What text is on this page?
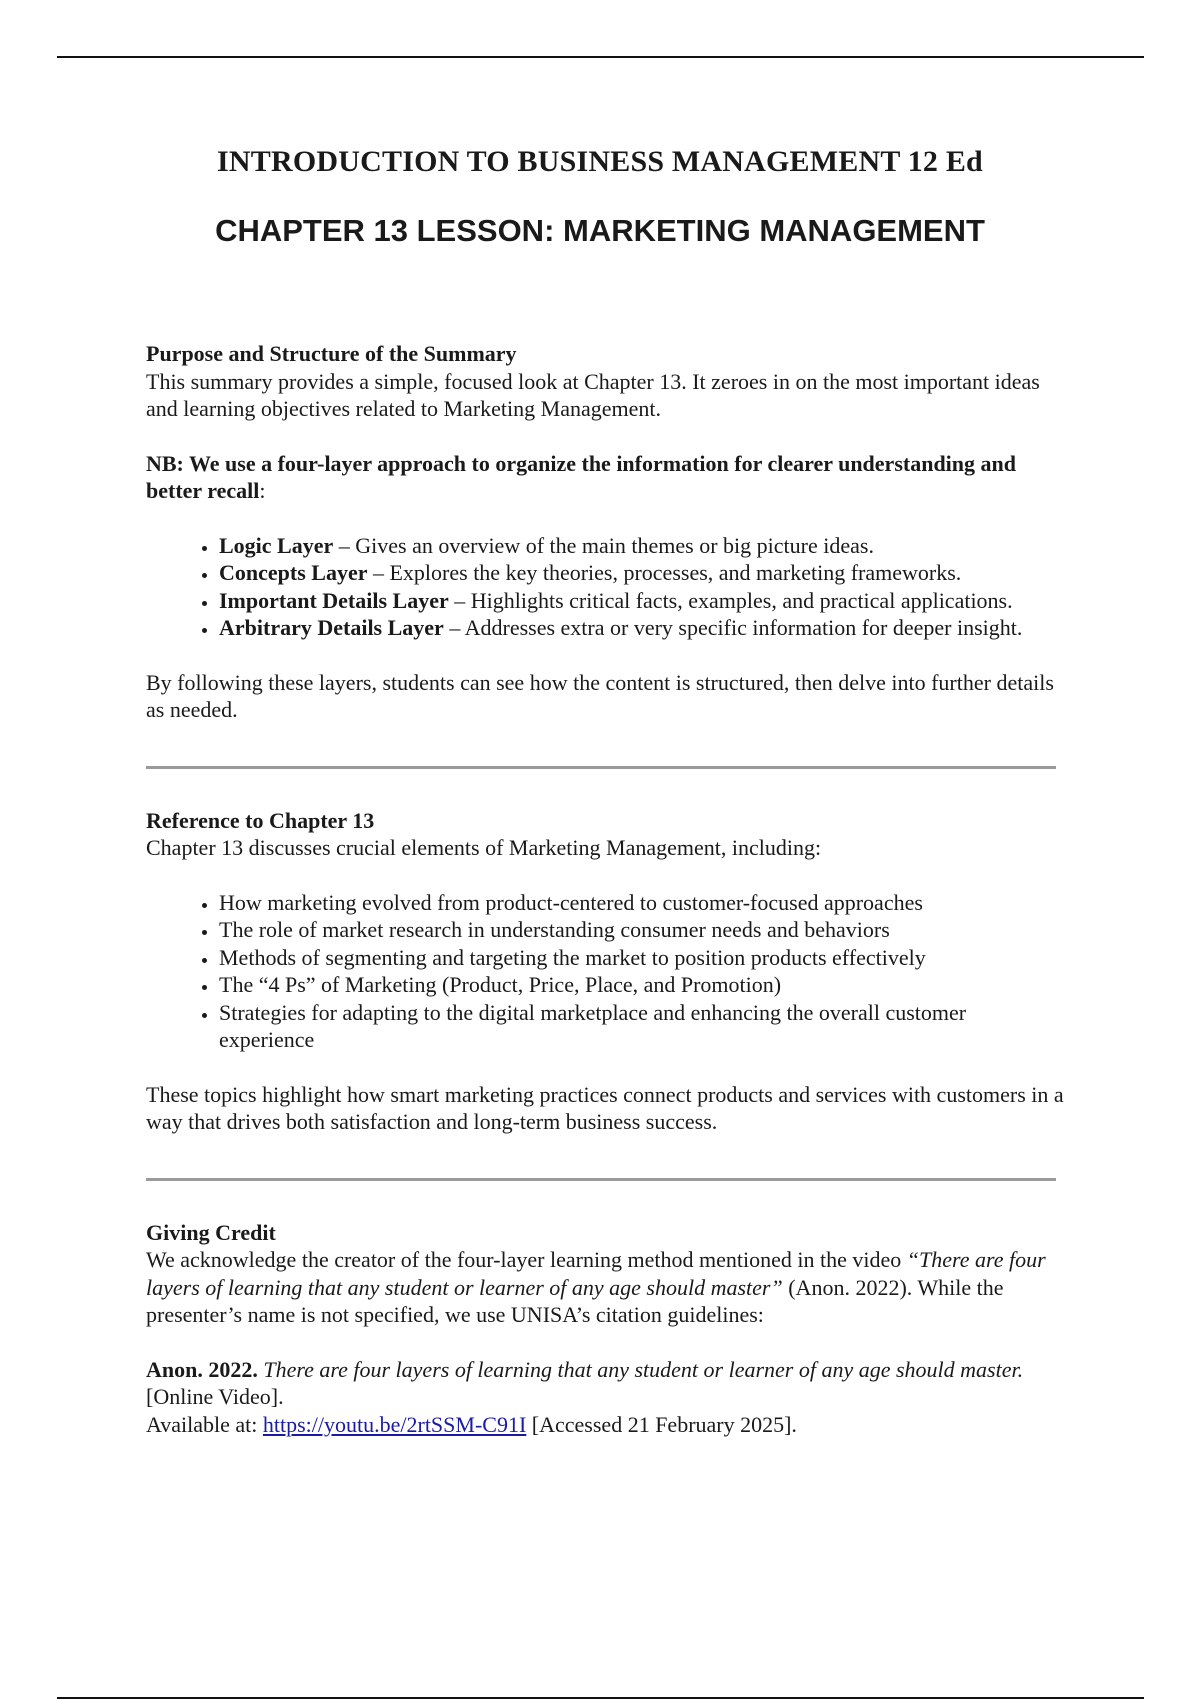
INTRODUCTION TO BUSINESS MANAGEMENT 12 Ed
CHAPTER 13 LESSON: MARKETING MANAGEMENT

Purpose and Structure of the Summary

This summary provides a simple, focused look at Chapter 13. It zeroes in on the most important ideas and learning objectives related to Marketing Management.

NB: We use a four-layer approach to organize the information for clearer understanding and better recall:

• Logic Layer – Gives an overview of the main themes or big picture ideas.
• Concepts Layer – Explores the key theories, processes, and marketing frameworks.
• Important Details Layer – Highlights critical facts, examples, and practical applications.
• Arbitrary Details Layer – Addresses extra or very specific information for deeper insight.

By following these layers, students can see how the content is structured, then delve into further details as needed.

Reference to Chapter 13

Chapter 13 discusses crucial elements of Marketing Management, including:

• How marketing evolved from product-centered to customer-focused approaches
• The role of market research in understanding consumer needs and behaviors
• Methods of segmenting and targeting the market to position products effectively
• The “4 Ps” of Marketing (Product, Price, Place, and Promotion)
• Strategies for adapting to the digital marketplace and enhancing the overall customer experience

These topics highlight how smart marketing practices connect products and services with customers in a way that drives both satisfaction and long-term business success.

Giving Credit

We acknowledge the creator of the four-layer learning method mentioned in the video “There are four layers of learning that any student or learner of any age should master” (Anon. 2022). While the presenter’s name is not specified, we use UNISA’s citation guidelines:

Anon. 2022. There are four layers of learning that any student or learner of any age should master. [Online Video].

Available at: https://youtu.be/2rtSSM-C91I [Accessed 21 February 2025].
